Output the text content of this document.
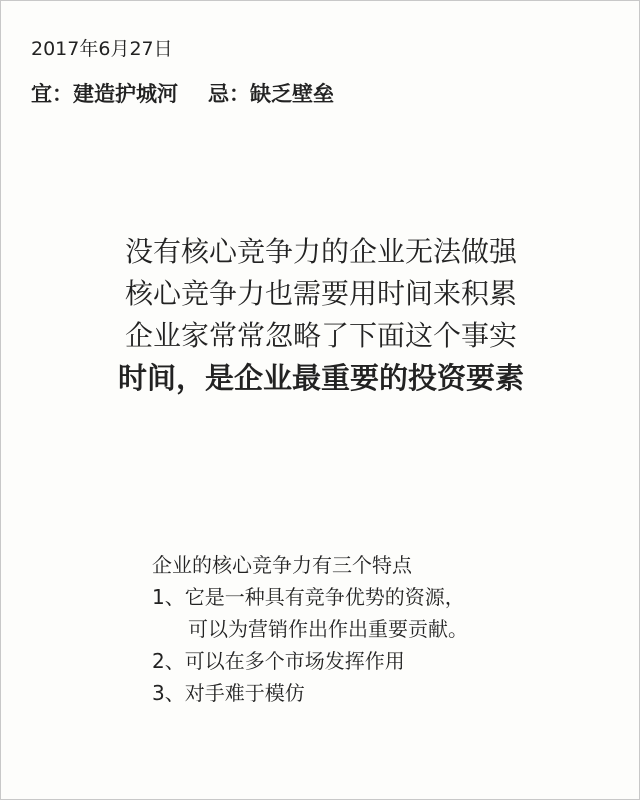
2017年6月27日
宜：建造护城河 忌：缺乏壁垒
没有核心竞争力的企业无法做强
核心竞争力也需要用时间来积累
企业家常常忽略了下面这个事实
时间，是企业最重要的投资要素
企业的核心竞争力有三个特点
1、它是一种具有竞争优势的资源，
可以为营销作出作出重要贡献。
2、可以在多个市场发挥作用
3、对手难于模仿
